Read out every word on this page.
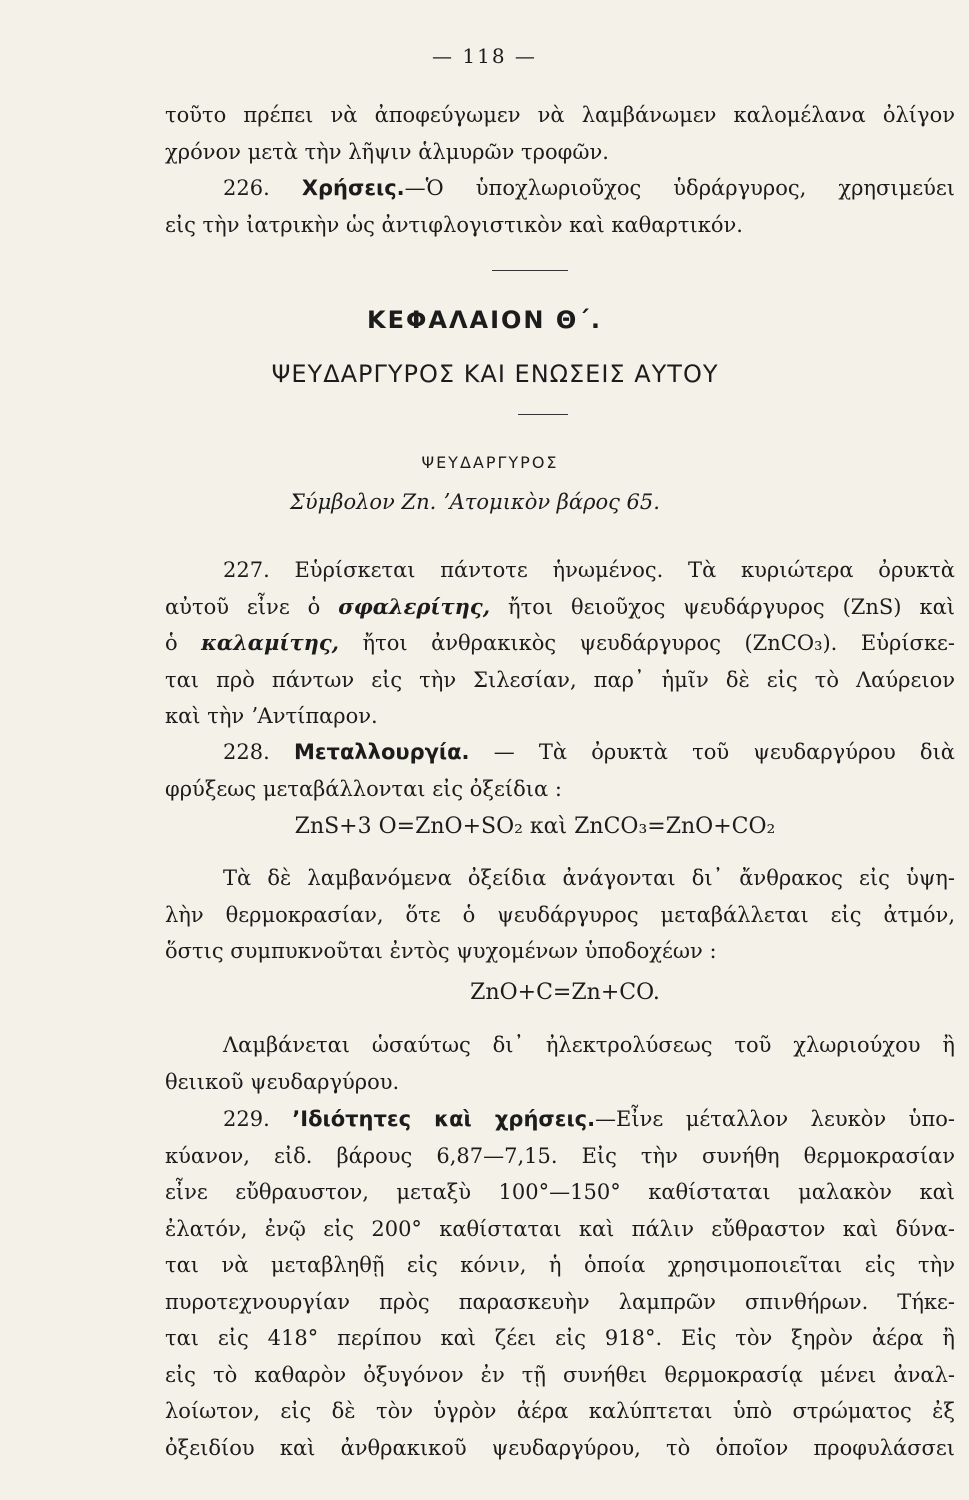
— 118 —
τοῦτο πρέπει νὰ ἀποφεύγωμεν νὰ λαμβάνωμεν καλομέλανα ὀλίγον
χρόνον μετὰ τὴν λῆψιν ἁλμυρῶν τροφῶν.
226. Χρήσεις.—Ὁ ὑποχλωριοῦχος ὑδράργυρος, χρησιμεύει
εἰς τὴν ἰατρικὴν ὡς ἀντιφλογιστικὸν καὶ καθαρτικόν.
ΚΕΦΑΛΑΙΟΝ Θ΄.
ΨΕΥΔΑΡΓΥΡΟΣ ΚΑΙ ΕΝΩΣΕΙΣ ΑΥΤΟΥ
ΨΕΥΔΑΡΓΥΡΟΣ
Σύμβολον Zn. ʼΑτομικὸν βάρος 65.
227. Εὑρίσκεται πάντοτε ἡνωμένος. Τὰ κυριώτερα ὀρυκτὰ
αὐτοῦ εἶνε ὁ σφαλερίτης, ἤτοι θειοῦχος ψευδάργυρος (ZnS) καὶ
ὁ καλαμίτης, ἤτοι ἀνθρακικὸς ψευδάργυρος (ZnCO₃). Εὑρίσκε-
ται πρὸ πάντων εἰς τὴν Σιλεσίαν, παρ᾽ ἡμῖν δὲ εἰς τὸ Λαύρειον
καὶ τὴν ʼΑντίπαρον.
228. Μεταλλουργία. — Τὰ ὀρυκτὰ τοῦ ψευδαργύρου διὰ
φρύξεως μεταβάλλονται εἰς ὀξείδια :
ZnS+3 O=ZnO+SO₂ καὶ ZnCO₃=ZnO+CO₂
Τὰ δὲ λαμβανόμενα ὀξείδια ἀνάγονται δι᾽ ἄνθρακος εἰς ὑψη-
λὴν θερμοκρασίαν, ὅτε ὁ ψευδάργυρος μεταβάλλεται εἰς ἀτμόν,
ὅστις συμπυκνοῦται ἐντὸς ψυχομένων ὑποδοχέων :
ZnO+C=Zn+CO.
Λαμβάνεται ὡσαύτως δι᾽ ἠλεκτρολύσεως τοῦ χλωριούχου ἢ
θειικοῦ ψευδαργύρου.
229. ʼΙδιότητες καὶ χρήσεις.—Εἶνε μέταλλον λευκὸν ὑπο-
κύανον, εἰδ. βάρους 6,87—7,15. Εἰς τὴν συνήθη θερμοκρασίαν
εἶνε εὔθραυστον, μεταξὺ 100°—150° καθίσταται μαλακὸν καὶ
ἐλατόν, ἐνῷ εἰς 200° καθίσταται καὶ πάλιν εὔθραστον καὶ δύνα-
ται νὰ μεταβληθῇ εἰς κόνιν, ἡ ὁποία χρησιμοποιεῖται εἰς τὴν
πυροτεχνουργίαν πρὸς παρασκευὴν λαμπρῶν σπινθήρων. Τήκε-
ται εἰς 418° περίπου καὶ ζέει εἰς 918°. Εἰς τὸν ξηρὸν ἀέρα ἢ
εἰς τὸ καθαρὸν ὀξυγόνον ἐν τῇ συνήθει θερμοκρασίᾳ μένει ἀναλ-
λοίωτον, εἰς δὲ τὸν ὑγρὸν ἀέρα καλύπτεται ὑπὸ στρώματος ἐξ
ὀξειδίου καὶ ἀνθρακικοῦ ψευδαργύρου, τὸ ὁποῖον προφυλάσσει
